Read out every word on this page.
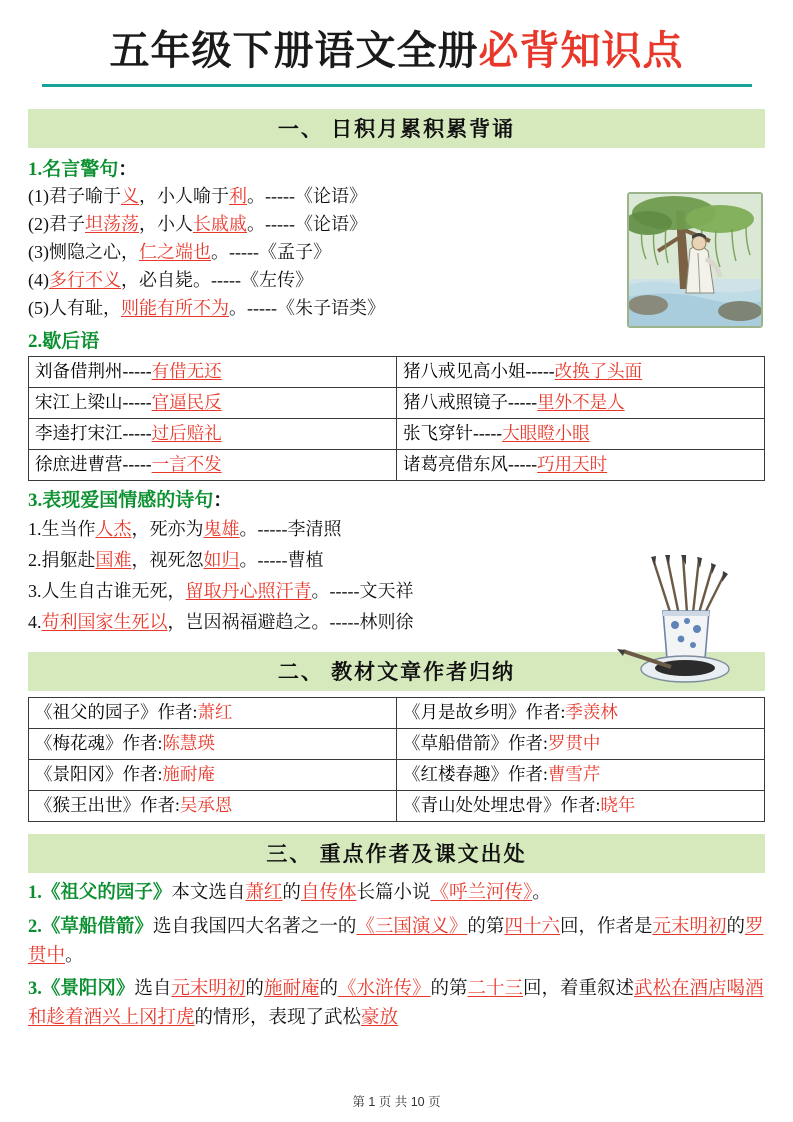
五年级下册语文全册必背知识点
一、 日积月累积累背诵
1.名言警句：
(1)君子喻于义，小人喻于利。-----《论语》
(2)君子坦荡荡，小人长戚戚。-----《论语》
(3)恻隐之心，仁之端也。-----《孟子》
(4)多行不义，必自毙。-----《左传》
(5)人有耻，则能有所不为。-----《朱子语类》
2.歇后语
刘备借荆州-----有借无还	猪八戒见高小姐-----改换了头面
宋江上梁山-----官逼民反	猪八戒照镜子-----里外不是人
李逵打宋江-----过后赔礼	张飞穿针-----大眼瞪小眼
徐庶进曹营-----一言不发	诸葛亮借东风-----巧用天时
3.表现爱国情感的诗句：
1.生当作人杰，死亦为鬼雄。-----李清照
2.捐躯赴国难，视死忽如归。-----曹植
3.人生自古谁无死，留取丹心照汗青。-----文天祥
4.苟利国家生死以，岂因祸福避趋之。-----林则徐
二、 教材文章作者归纳
《祖父的园子》作者:萧红	《月是故乡明》作者:季羡林
《梅花魂》作者:陈慧瑛	《草船借箭》作者:罗贯中
《景阳冈》作者:施耐庵	《红楼春趣》作者:曹雪芹
《猴王出世》作者:吴承恩	《青山处处埋忠骨》作者:晓年
三、 重点作者及课文出处

1.《祖父的园子》本文选自萧红的自传体长篇小说《呼兰河传》。

2.《草船借箭》选自我国四大名著之一的《三国演义》的第四十六回，作者是元末明初的罗贯中。

3.《景阳冈》选自元末明初的施耐庵的《水浒传》的第二十三回，着重叙述武松在酒店喝酒和趁着酒兴上冈打虎的情形，表现了武松豪放

第 1 页 共 10 页
